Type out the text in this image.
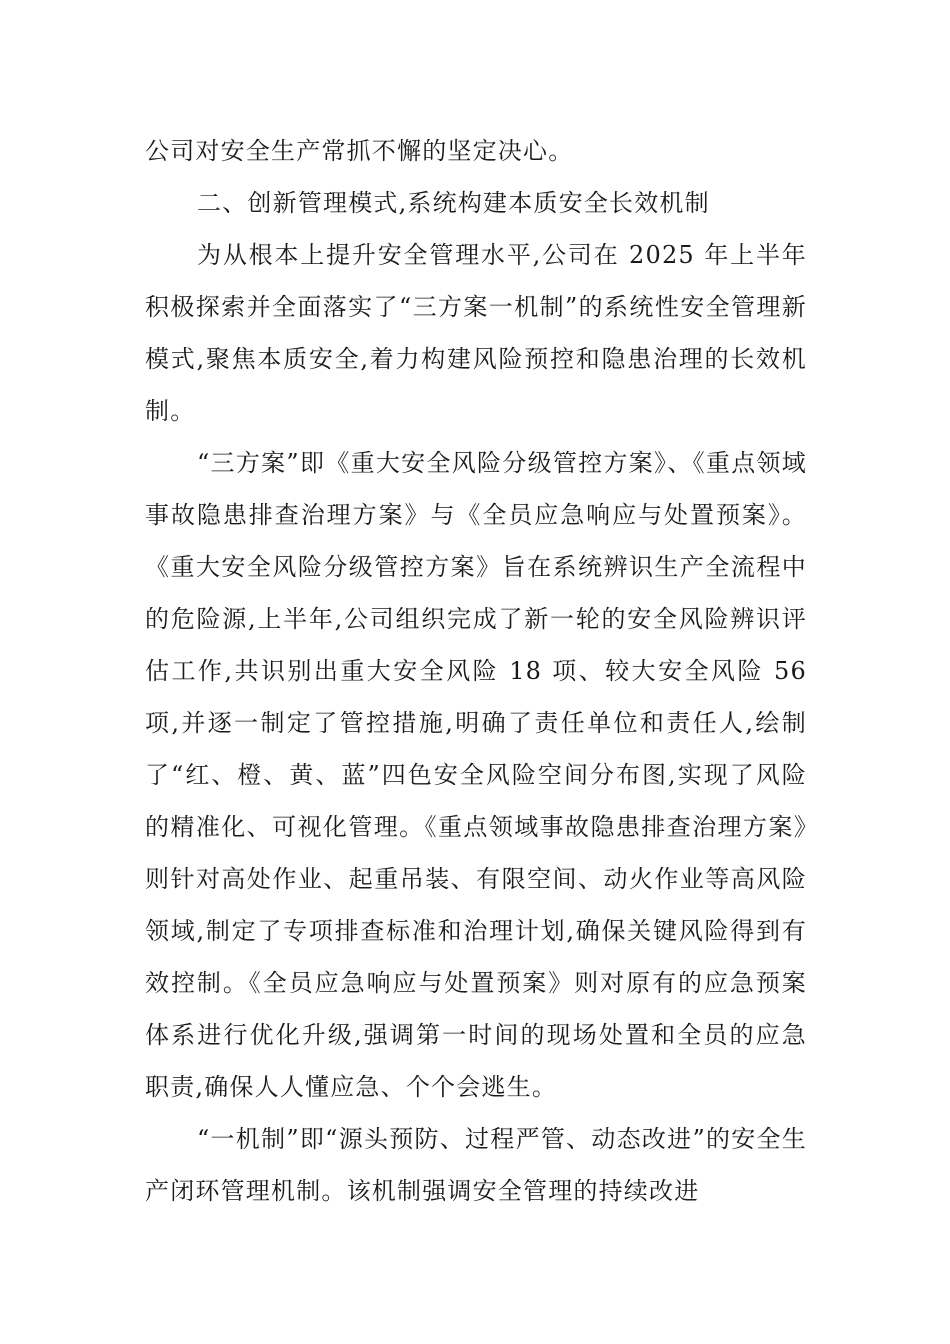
公司对安全生产常抓不懈的坚定决心。

二、创新管理模式,系统构建本质安全长效机制

为从根本上提升安全管理水平,公司在 2025 年上半年积极探索并全面落实了“三方案一机制”的系统性安全管理新模式,聚焦本质安全,着力构建风险预控和隐患治理的长效机制。

“三方案”即《重大安全风险分级管控方案》、《重点领域事故隐患排查治理方案》与《全员应急响应与处置预案》。《重大安全风险分级管控方案》旨在系统辨识生产全流程中的危险源,上半年,公司组织完成了新一轮的安全风险辨识评估工作,共识别出重大安全风险 18 项、较大安全风险 56 项,并逐一制定了管控措施,明确了责任单位和责任人,绘制了“红、橙、黄、蓝”四色安全风险空间分布图,实现了风险的精准化、可视化管理。《重点领域事故隐患排查治理方案》则针对高处作业、起重吊装、有限空间、动火作业等高风险领域,制定了专项排查标准和治理计划,确保关键风险得到有效控制。《全员应急响应与处置预案》则对原有的应急预案体系进行优化升级,强调第一时间的现场处置和全员的应急职责,确保人人懂应急、个个会逃生。

“一机制”即“源头预防、过程严管、动态改进”的安全生产闭环管理机制。该机制强调安全管理的持续改进
